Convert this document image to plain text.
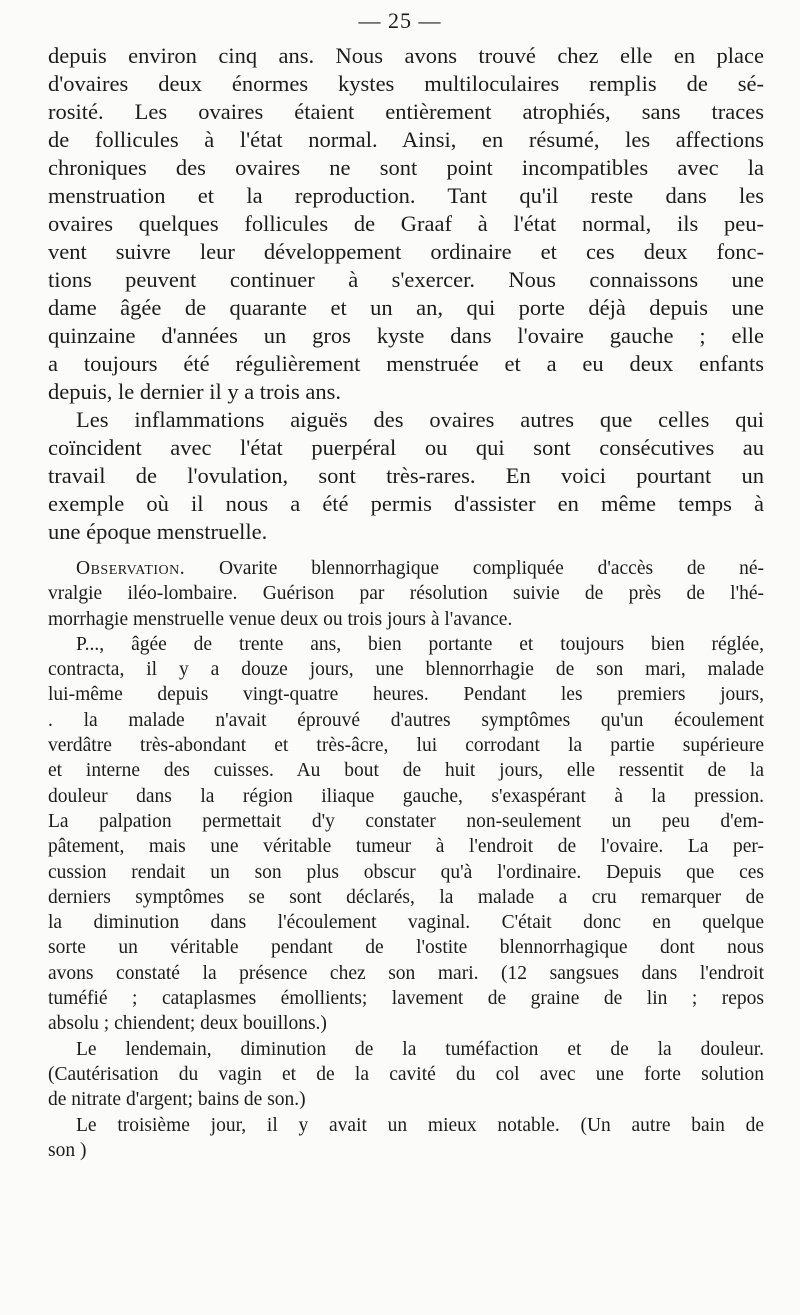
— 25 —
depuis environ cinq ans. Nous avons trouvé chez elle en place
d'ovaires deux énormes kystes multiloculaires remplis de sé-
rosité. Les ovaires étaient entièrement atrophiés, sans traces
de follicules à l'état normal. Ainsi, en résumé, les affections
chroniques des ovaires ne sont point incompatibles avec la
menstruation et la reproduction. Tant qu'il reste dans les
ovaires quelques follicules de Graaf à l'état normal, ils peu-
vent suivre leur développement ordinaire et ces deux fonc-
tions peuvent continuer à s'exercer. Nous connaissons une
dame âgée de quarante et un an, qui porte déjà depuis une
quinzaine d'années un gros kyste dans l'ovaire gauche ; elle
a toujours été régulièrement menstruée et a eu deux enfants
depuis, le dernier il y a trois ans.
Les inflammations aiguës des ovaires autres que celles qui
coïncident avec l'état puerpéral ou qui sont consécutives au
travail de l'ovulation, sont très-rares. En voici pourtant un
exemple où il nous a été permis d'assister en même temps à
une époque menstruelle.
Observation. Ovarite blennorrhagique compliquée d'accès de né-
vralgie iléo-lombaire. Guérison par résolution suivie de près de l'hé-
morrhagie menstruelle venue deux ou trois jours à l'avance.
P..., âgée de trente ans, bien portante et toujours bien réglée,
contracta, il y a douze jours, une blennorrhagie de son mari, malade
lui-même depuis vingt-quatre heures. Pendant les premiers jours,
. la malade n'avait éprouvé d'autres symptômes qu'un écoulement
verdâtre très-abondant et très-âcre, lui corrodant la partie supérieure
et interne des cuisses. Au bout de huit jours, elle ressentit de la
douleur dans la région iliaque gauche, s'exaspérant à la pression.
La palpation permettait d'y constater non-seulement un peu d'em-
pâtement, mais une véritable tumeur à l'endroit de l'ovaire. La per-
cussion rendait un son plus obscur qu'à l'ordinaire. Depuis que ces
derniers symptômes se sont déclarés, la malade a cru remarquer de
la diminution dans l'écoulement vaginal. C'était donc en quelque
sorte un véritable pendant de l'ostite blennorrhagique dont nous
avons constaté la présence chez son mari. (12 sangsues dans l'endroit
tuméfié ; cataplasmes émollients; lavement de graine de lin ; repos
absolu ; chiendent; deux bouillons.)
Le lendemain, diminution de la tuméfaction et de la douleur.
(Cautérisation du vagin et de la cavité du col avec une forte solution
de nitrate d'argent; bains de son.)
Le troisième jour, il y avait un mieux notable. (Un autre bain de
son )
